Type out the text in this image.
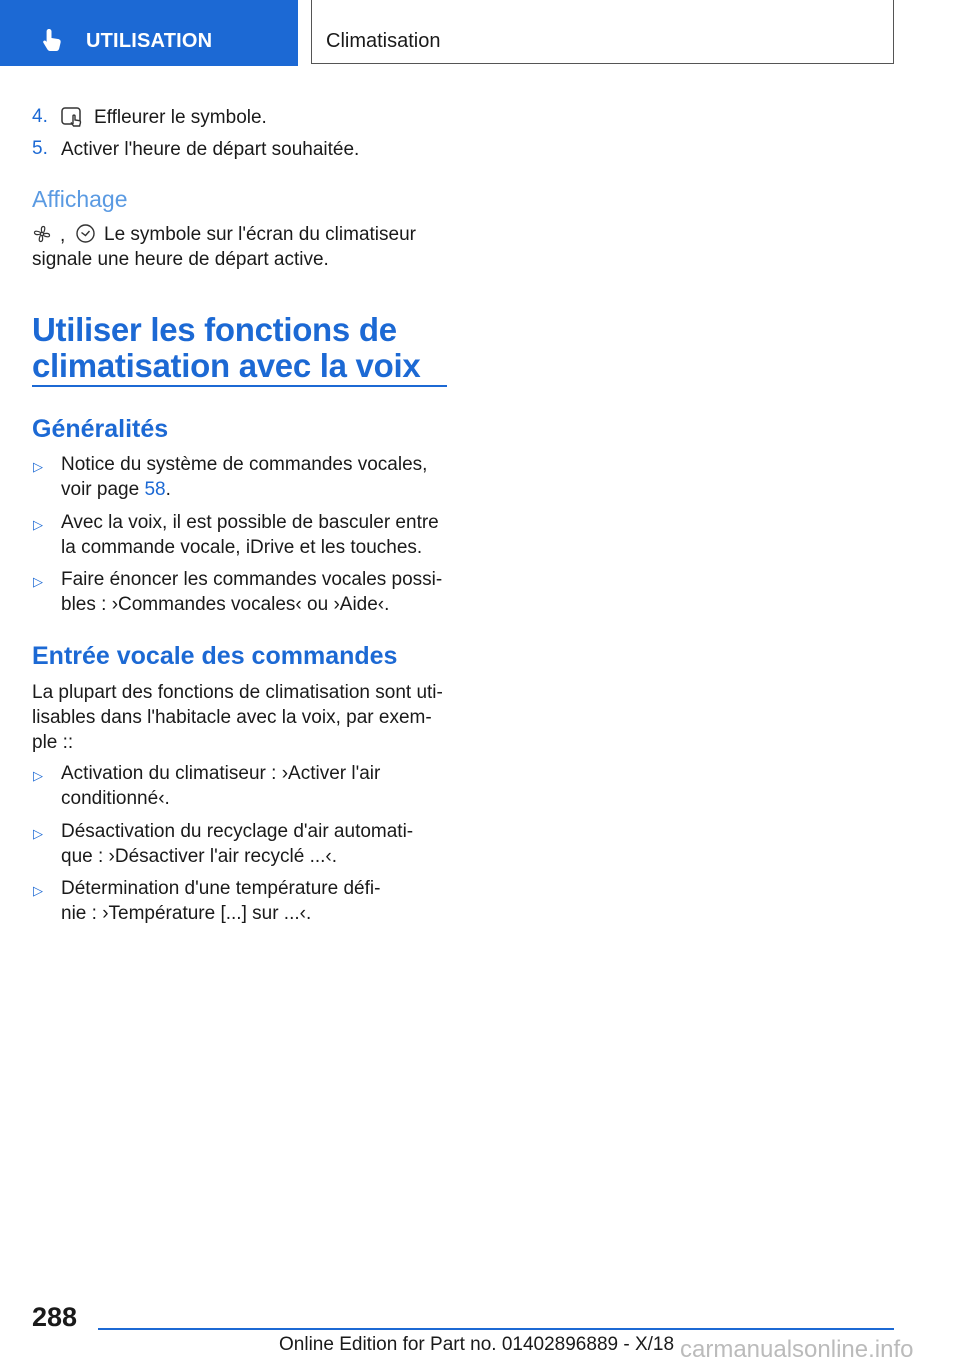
UTILISATION	Climatisation
4. Effleurer le symbole.
5. Activer l'heure de départ souhaitée.
Affichage
, Le symbole sur l'écran du climatiseur
signale une heure de départ active.
Utiliser les fonctions de
climatisation avec la voix
Généralités
▷ Notice du système de commandes vocales,
voir page 58.
▷ Avec la voix, il est possible de basculer entre
la commande vocale, iDrive et les touches.
▷ Faire énoncer les commandes vocales possi-
bles : ›Commandes vocales‹ ou ›Aide‹.
Entrée vocale des commandes
La plupart des fonctions de climatisation sont uti-
lisables dans l'habitacle avec la voix, par exem-
ple ::
▷ Activation du climatiseur : ›Activer l'air
conditionné‹.
▷ Désactivation du recyclage d'air automati-
que : ›Désactiver l'air recyclé ...‹.
▷ Détermination d'une température défi-
nie : ›Température [...] sur ...‹.
288
Online Edition for Part no. 01402896889 - X/18 carmanualsonline.info
